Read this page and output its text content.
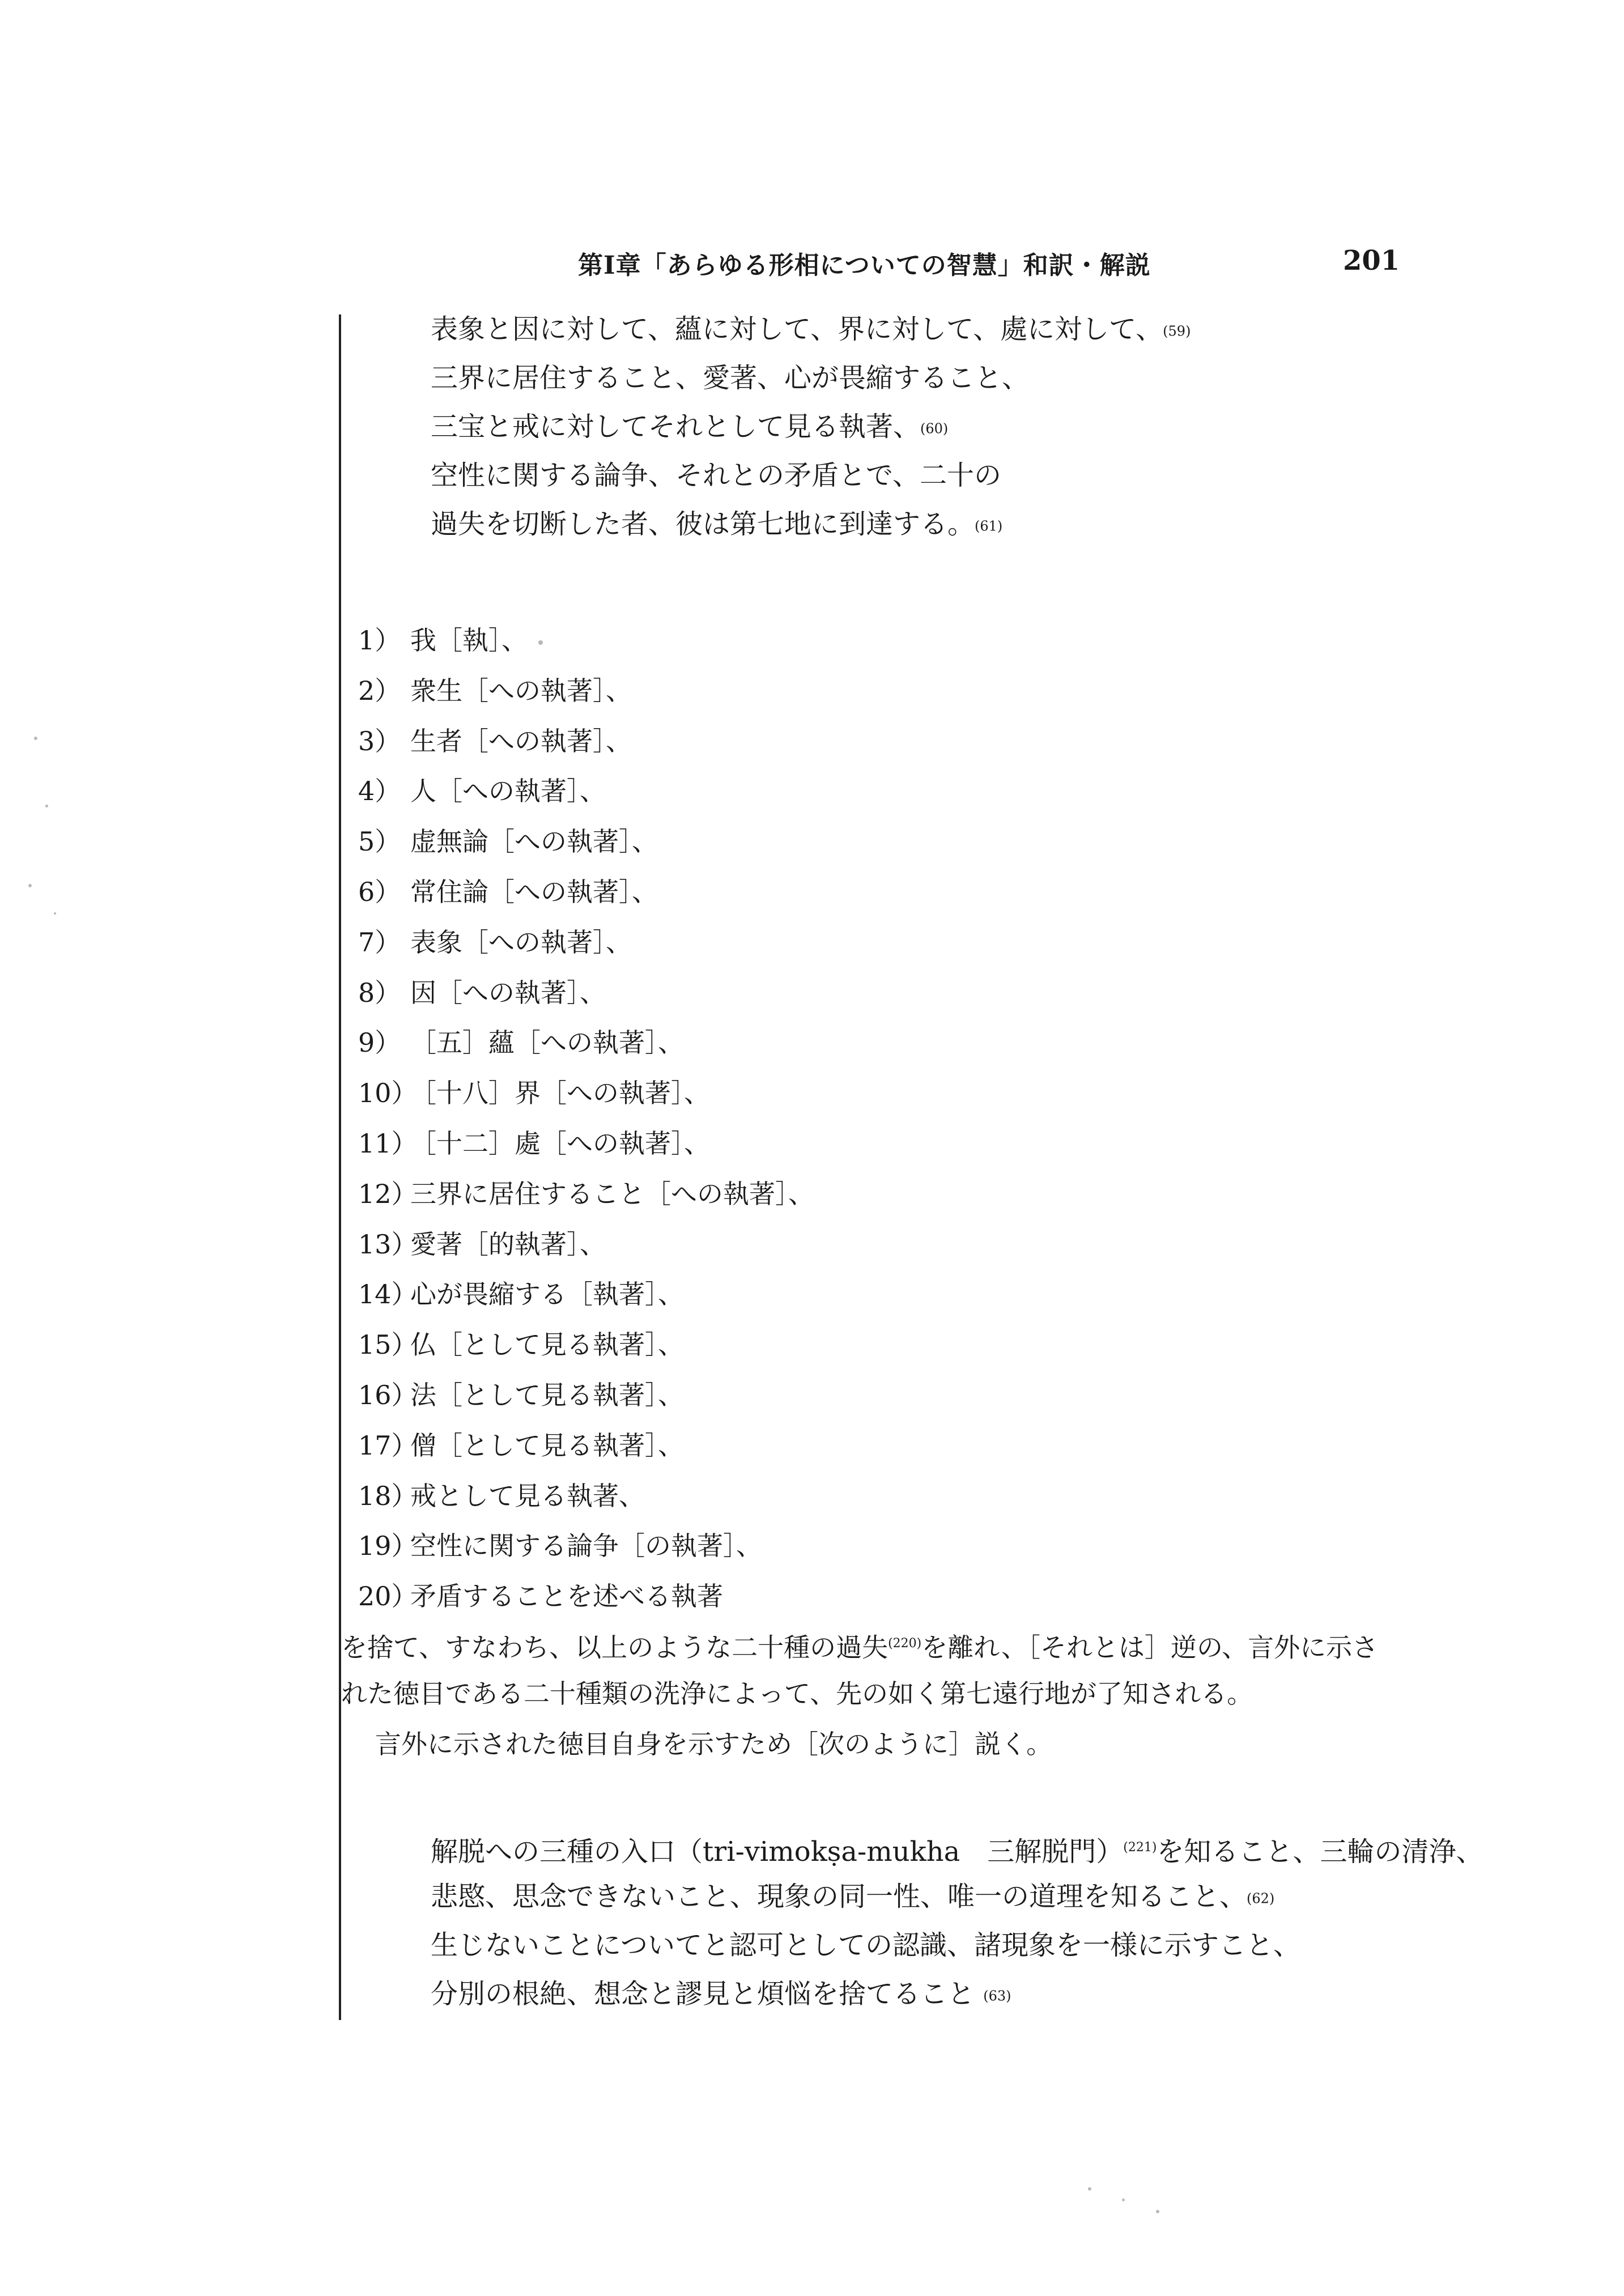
第Ⅰ章「あらゆる形相についての智慧」和訳・解説	201
表象と因に対して、蘊に対して、界に対して、處に対して、(59)
三界に居住すること、愛著、心が畏縮すること、
三宝と戒に対してそれとして見る執著、(60)
空性に関する論争、それとの矛盾とで、二十の
過失を切断した者、彼は第七地に到達する。(61)
1） 我［執］、
2） 衆生［への執著］、
3） 生者［への執著］、
4） 人［への執著］、
5） 虚無論［への執著］、
6） 常住論［への執著］、
7） 表象［への執著］、
8） 因［への執著］、
9） ［五］蘊［への執著］、
10）［十八］界［への執著］、
11）［十二］處［への執著］、
12）三界に居住すること［への執著］、
13）愛著［的執著］、
14）心が畏縮する［執著］、
15）仏［として見る執著］、
16）法［として見る執著］、
17）僧［として見る執著］、
18）戒として見る執著、
19）空性に関する論争［の執著］、
20）矛盾することを述べる執著
を捨て、すなわち、以上のような二十種の過失$^{(220)}$を離れ、［それとは］逆の、言外に示さ
れた徳目である二十種類の洗浄によって、先の如く第七遠行地が了知される。
言外に示された徳目自身を示すため［次のように］説く。
解脱への三種の入口（tri-vimokṣa-mukha　三解脱門）$^{(221)}$を知ること、三輪の清浄、
悲愍、思念できないこと、現象の同一性、唯一の道理を知ること、(62)
生じないことについてと認可としての認識、諸現象を一様に示すこと、
分別の根絶、想念と謬見と煩悩を捨てること (63)
